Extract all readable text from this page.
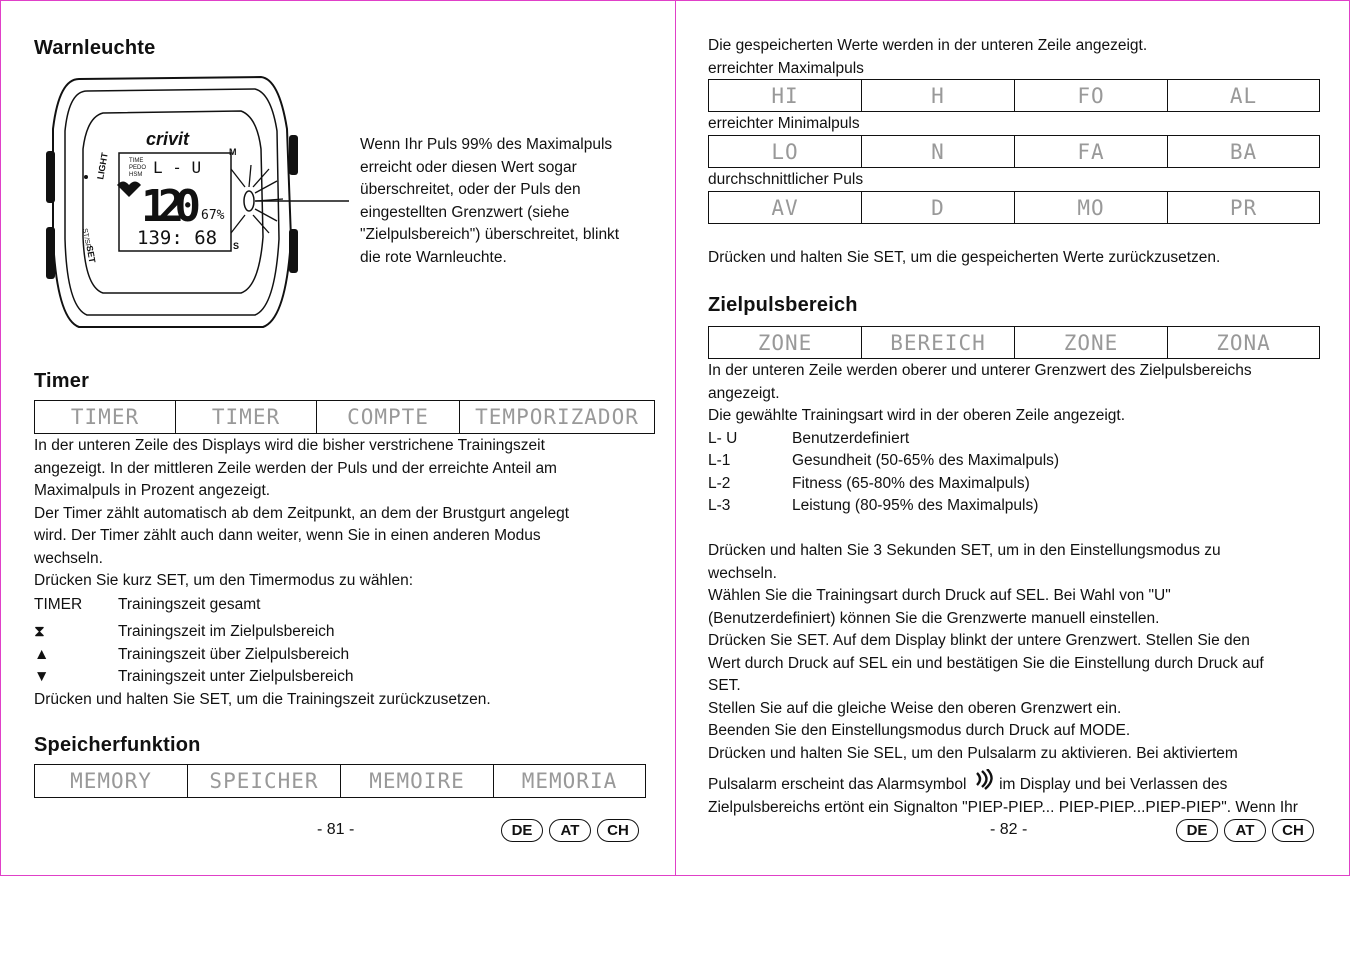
Warnleuchte
crivit
TIME
PEDO
HSM L - U
120 67%
139: 68
LIGHT
ST/SP
SET
M
S
Wenn Ihr Puls 99% des Maximalpuls
erreicht oder diesen Wert sogar
überschreitet, oder der Puls den
eingestellten Grenzwert (siehe
"Zielpulsbereich") überschreitet, blinkt
die rote Warnleuchte.
Timer
TIMER	TIMER	COMPTE	TEMPORIZADOR
In der unteren Zeile des Displays wird die bisher verstrichene Trainingszeit
angezeigt. In der mittleren Zeile werden der Puls und der erreichte Anteil am
Maximalpuls in Prozent angezeigt.
Der Timer zählt automatisch ab dem Zeitpunkt, an dem der Brustgurt angelegt
wird. Der Timer zählt auch dann weiter, wenn Sie in einen anderen Modus
wechseln.
Drücken Sie kurz SET, um den Timermodus zu wählen:
TIMER Trainingszeit gesamt
⧗	Trainingszeit im Zielpulsbereich
▲	Trainingszeit über Zielpulsbereich
▼	Trainingszeit unter Zielpulsbereich
Drücken und halten Sie SET, um die Trainingszeit zurückzusetzen.
Speicherfunktion
MEMORY	SPEICHER	MEMOIRE	MEMORIA
- 81 -	DE AT CH
Die gespeicherten Werte werden in der unteren Zeile angezeigt.
erreichter Maximalpuls
HI	H	FO	AL
erreichter Minimalpuls
LO	N	FA	BA
durchschnittlicher Puls
AV	D	MO	PR
Drücken und halten Sie SET, um die gespeicherten Werte zurückzusetzen.
Zielpulsbereich
ZONE	BEREICH	ZONE	ZONA
In der unteren Zeile werden oberer und unterer Grenzwert des Zielpulsbereichs
angezeigt.
Die gewählte Trainingsart wird in der oberen Zeile angezeigt.
L- U	Benutzerdefiniert
L-1	Gesundheit (50-65% des Maximalpuls)
L-2	Fitness (65-80% des Maximalpuls)
L-3	Leistung (80-95% des Maximalpuls)
Drücken und halten Sie 3 Sekunden SET, um in den Einstellungsmodus zu
wechseln.
Wählen Sie die Trainingsart durch Druck auf SEL. Bei Wahl von "U"
(Benutzerdefiniert) können Sie die Grenzwerte manuell einstellen.
Drücken Sie SET. Auf dem Display blinkt der untere Grenzwert. Stellen Sie den
Wert durch Druck auf SEL ein und bestätigen Sie die Einstellung durch Druck auf
SET.
Stellen Sie auf die gleiche Weise den oberen Grenzwert ein.
Beenden Sie den Einstellungsmodus durch Druck auf MODE.
Drücken und halten Sie SEL, um den Pulsalarm zu aktivieren. Bei aktiviertem
Pulsalarm erscheint das Alarmsymbol im Display und bei Verlassen des
Zielpulsbereichs ertönt ein Signalton "PIEP-PIEP... PIEP-PIEP...PIEP-PIEP". Wenn Ihr
- 82 -	DE AT CH
